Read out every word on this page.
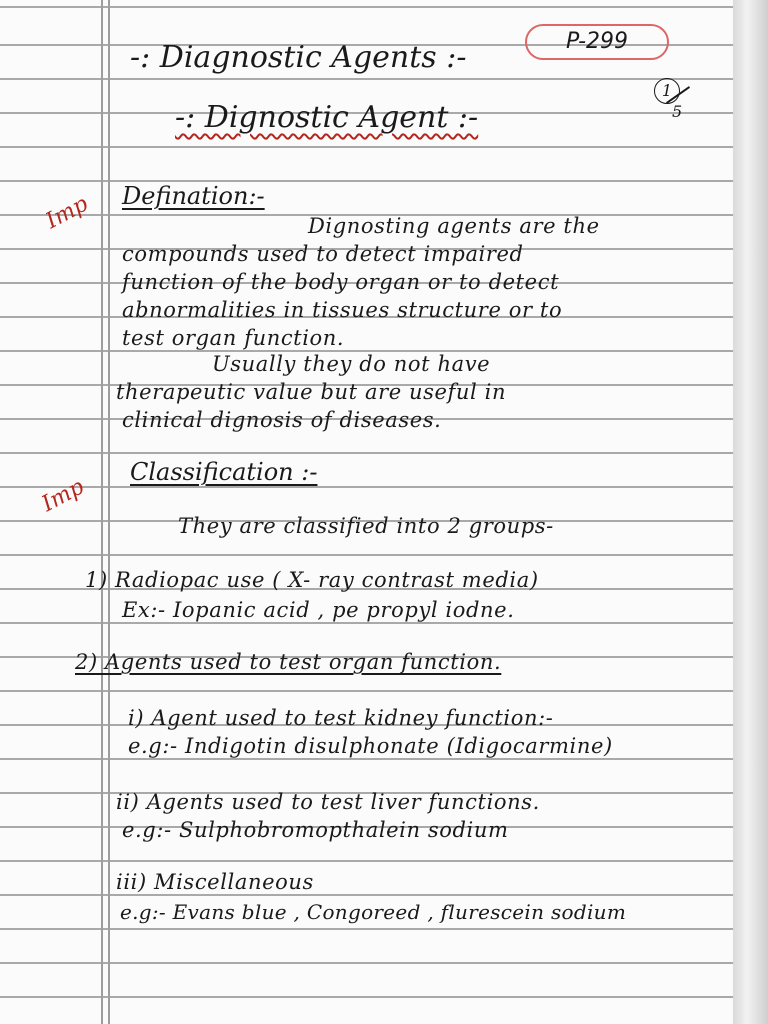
-: Diagnostic Agents :-	P-299
-: Dignostic Agent :-	$\frac{1}{5}$
Imp Defination:-
Dignosting agents are the
compounds used to detect impaired
function of the body organ or to detect
abnormalities in tissues structure or to
test organ function.
Usually they do not have
therapeutic value but are useful in
clinical dignosis of diseases.
Imp
Classification :-
They are classified into 2 groups-
1) Radiopac use ( X- ray contrast media)
Ex:- Iopanic acid , pe propyl iodne.
2) Agents used to test organ function.
i) Agent used to test kidney function:-
e.g:- Indigotin disulphonate (Idigocarmine)
ii) Agents used to test liver functions.
e.g:- Sulphobromopthalein sodium
iii) Miscellaneous
e.g:- Evans blue , Congoreed , flurescein sodium
